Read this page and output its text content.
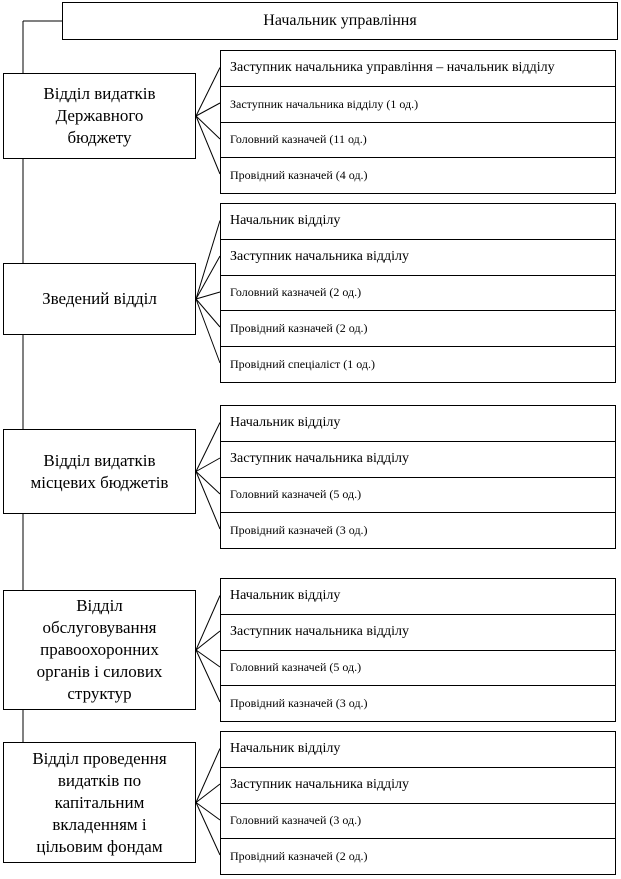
Начальник управління
Відділ видатків
Державного
бюджету
Заступник начальника управління – начальник відділу
Заступник начальника відділу (1 од.)
Головний казначей (11 од.)
Провідний казначей (4 од.)
Зведений відділ
Начальник відділу
Заступник начальника відділу
Головний казначей (2 од.)
Провідний казначей (2 од.)
Провідний спеціаліст (1 од.)
Відділ видатків
місцевих бюджетів
Начальник відділу
Заступник начальника відділу
Головний казначей (5 од.)
Провідний казначей (3 од.)
Відділ
обслуговування
правоохоронних
органів і силових
структур
Начальник відділу
Заступник начальника відділу
Головний казначей (5 од.)
Провідний казначей (3 од.)
Відділ проведення
видатків по
капітальним
вкладенням і
цільовим фондам
Начальник відділу
Заступник начальника відділу
Головний казначей (3 од.)
Провідний казначей (2 од.)
